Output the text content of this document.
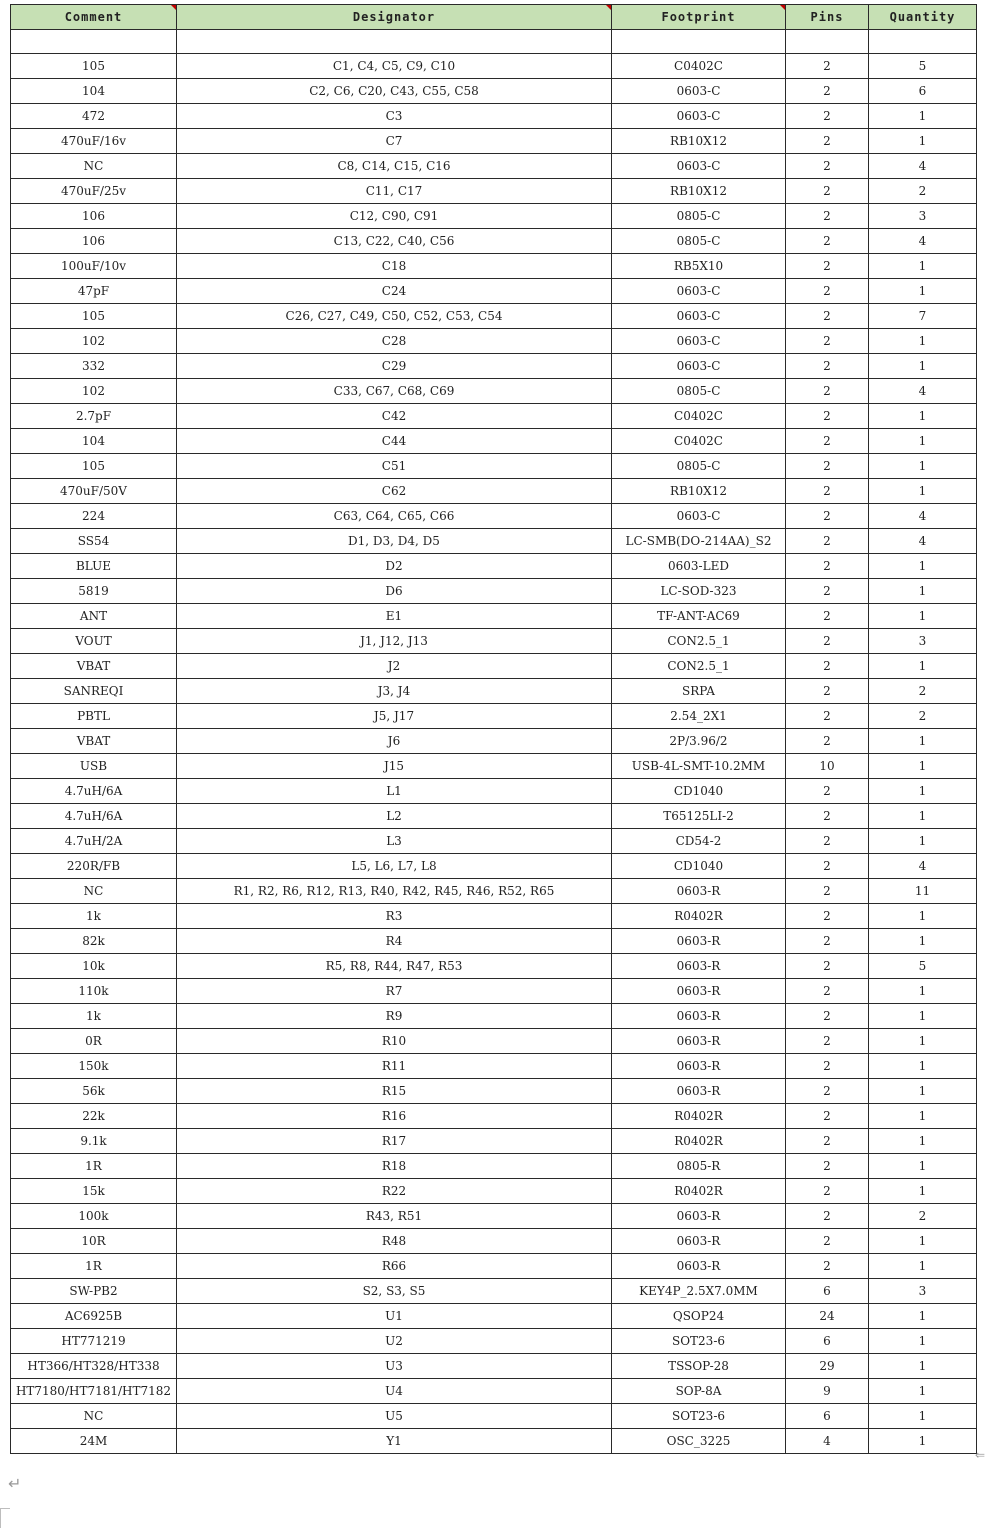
Comment	Designator	Footprint	Pins	Quantity

105	C1, C4, C5, C9, C10	C0402C	2	5
104	C2, C6, C20, C43, C55, C58	0603-C	2	6
472	C3	0603-C	2	1
470uF/16v	C7	RB10X12	2	1
NC	C8, C14, C15, C16	0603-C	2	4
470uF/25v	C11, C17	RB10X12	2	2
106	C12, C90, C91	0805-C	2	3
106	C13, C22, C40, C56	0805-C	2	4
100uF/10v	C18	RB5X10	2	1
47pF	C24	0603-C	2	1
105	C26, C27, C49, C50, C52, C53, C54	0603-C	2	7
102	C28	0603-C	2	1
332	C29	0603-C	2	1
102	C33, C67, C68, C69	0805-C	2	4
2.7pF	C42	C0402C	2	1
104	C44	C0402C	2	1
105	C51	0805-C	2	1
470uF/50V	C62	RB10X12	2	1
224	C63, C64, C65, C66	0603-C	2	4
SS54	D1, D3, D4, D5	LC-SMB(DO-214AA)_S2	2	4
BLUE	D2	0603-LED	2	1
5819	D6	LC-SOD-323	2	1
ANT	E1	TF-ANT-AC69	2	1
VOUT	J1, J12, J13	CON2.5_1	2	3
VBAT	J2	CON2.5_1	2	1
SANREQI	J3, J4	SRPA	2	2
PBTL	J5, J17	2.54_2X1	2	2
VBAT	J6	2P/3.96/2	2	1
USB	J15	USB-4L-SMT-10.2MM	10	1
4.7uH/6A	L1	CD1040	2	1
4.7uH/6A	L2	T65125LI-2	2	1
4.7uH/2A	L3	CD54-2	2	1
220R/FB	L5, L6, L7, L8	CD1040	2	4
NC	R1, R2, R6, R12, R13, R40, R42, R45, R46, R52, R65	0603-R	2	11
1k	R3	R0402R	2	1
82k	R4	0603-R	2	1
10k	R5, R8, R44, R47, R53	0603-R	2	5
110k	R7	0603-R	2	1
1k	R9	0603-R	2	1
0R	R10	0603-R	2	1
150k	R11	0603-R	2	1
56k	R15	0603-R	2	1
22k	R16	R0402R	2	1
9.1k	R17	R0402R	2	1
1R	R18	0805-R	2	1
15k	R22	R0402R	2	1
100k	R43, R51	0603-R	2	2
10R	R48	0603-R	2	1
1R	R66	0603-R	2	1
SW-PB2	S2, S3, S5	KEY4P_2.5X7.0MM	6	3
AC6925B	U1	QSOP24	24	1
HT771219	U2	SOT23-6	6	1
HT366/HT328/HT338	U3	TSSOP-28	29	1
HT7180/HT7181/HT7182	U4	SOP-8A	9	1
NC	U5	SOT23-6	6	1
24M	Y1	OSC_3225	4	1
⇐
↵
